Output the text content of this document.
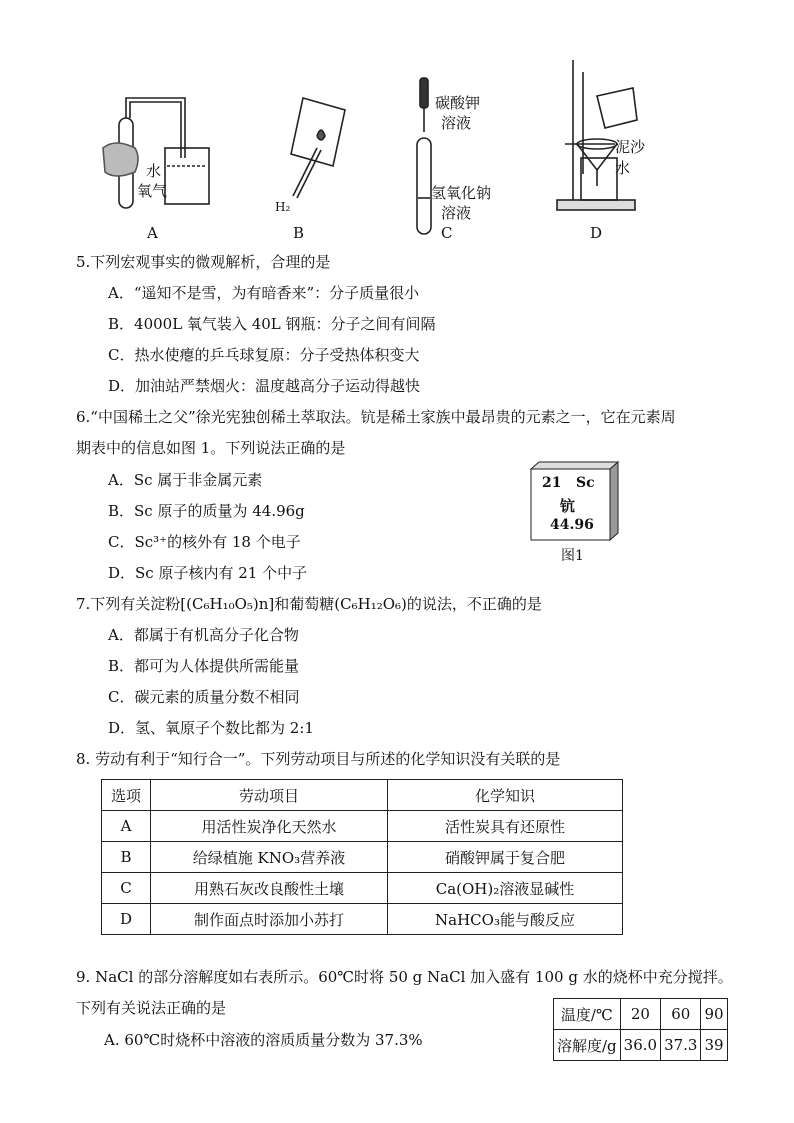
A
水
氧气
B
H₂
C
碳酸钾
溶液
氢氧化钠
溶液
D
泥沙水
5.下列宏观事实的微观解析，合理的是
A．“遥知不是雪，为有暗香来”：分子质量很小
B．4000L 氧气装入 40L 钢瓶：分子之间有间隔
C．热水使瘪的乒乓球复原：分子受热体积变大
D．加油站严禁烟火：温度越高分子运动得越快
6.“中国稀土之父”徐光宪独创稀土萃取法。钪是稀土家族中最昂贵的元素之一，它在元素周
期表中的信息如图 1。下列说法正确的是
A．Sc 属于非金属元素
B．Sc 原子的质量为 44.96g
C．Sc³⁺的核外有 18 个电子
D．Sc 原子核内有 21 个中子
21 Sc
钪
44.96
图1
7.下列有关淀粉[(C₆H₁₀O₅)n]和葡萄糖(C₆H₁₂O₆)的说法，不正确的是
A．都属于有机高分子化合物
B．都可为人体提供所需能量
C．碳元素的质量分数不相同
D．氢、氧原子个数比都为 2:1
8. 劳动有利于“知行合一”。下列劳动项目与所述的化学知识没有关联的是
选项	劳动项目	化学知识
A	用活性炭净化天然水	活性炭具有还原性
B	给绿植施 KNO₃营养液	硝酸钾属于复合肥
C	用熟石灰改良酸性土壤	Ca(OH)₂溶液显碱性
D	制作面点时添加小苏打	NaHCO₃能与酸反应
9. NaCl 的部分溶解度如右表所示。60℃时将 50 g NaCl 加入盛有 100 g 水的烧杯中充分搅拌。
下列有关说法正确的是
A. 60℃时烧杯中溶液的溶质质量分数为 37.3%
温度/℃	20	60	90
溶解度/g	36.0	37.3	39
